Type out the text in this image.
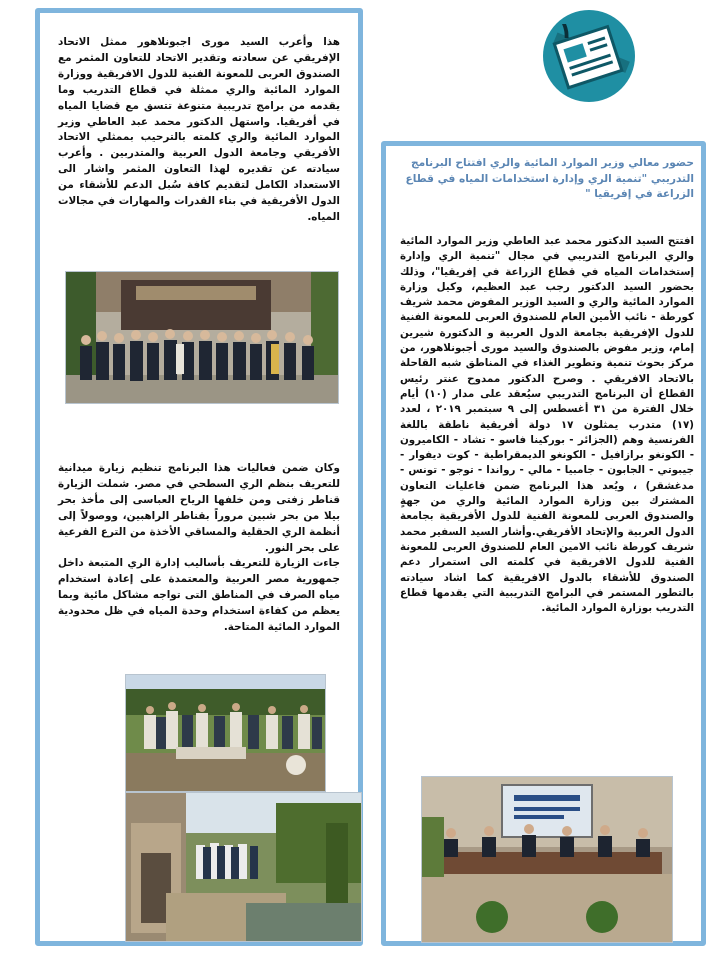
١

هذا وأعرب السيد مورى اجبونلاهور ممثل الاتحاد الإفريقي عن سعادته وتقدير الاتحاد للتعاون المثمر مع الصندوق العربى للمعونة الفنية للدول الافريقية ووزارة الموارد المائية والري ممثلة في قطاع التدريب وما يقدمه من برامج تدريبية متنوعة تتسق مع قضايا المياه في أفريقيا. واستهل الدكتور محمد عبد العاطي وزير الموارد المائية والري كلمته بالترحيب بممثلي الاتحاد الأفريقي وجامعة الدول العربية والمتدربين . وأعرب سيادته عن تقديره لهذا التعاون المثمر واشار الى الاستعداد الكامل لتقديم كافة سُبل الدعم للأشقاء من الدول الأفريقية في بناء القدرات والمهارات في مجالات المياه.

وكان ضمن فعاليات هذا البرنامج تنظيم زيارة ميدانية للتعريف بنظم الري السطحي في مصر. شملت الزيارة قناطر زفتى ومن خلفها الرياح العباسى إلى مأخذ بحر بيلا من بحر شبين مروراً بقناطر الراهبين، ووصولاً إلى أنظمة الري الحقلية والمساقي الأخذة من الترع الفرعية على بحر النور.

جاءت الزيارة للتعريف بأساليب إدارة الري المتبعة داخل جمهورية مصر العربية والمعتمدة على إعادة استخدام مياه الصرف في المناطق التى تواجه مشاكل مائية وبما يعظم من كفاءة استخدام وحدة المياه في ظل محدودية الموارد المائية المتاحة.

حضور معالي وزير الموارد المائية والري افتتاح البرنامج التدريبي "تنمية الري وإدارة استخدامات المياه في قطاع الزراعة في إفريقيا "
افتتح السيد الدكتور محمد عبد العاطي وزير الموارد المائية والري البرنامج التدريبي في مجال "تنمية الري وإدارة إستخدامات المياه في قطاع الزراعة في إفريقيا"، وذلك بحضور السيد الدكتور رجب عبد العظيم، وكيل وزارة الموارد المائية والري و السيد الوزير المفوض محمد شريف كورطة - نائب الأمين العام للصندوق العربى للمعونة الفنية للدول الإفريقية بجامعة الدول العربية و الدكتورة شيرين إمام، وزير مفوض بالصندوق والسيد مورى أجبونلاهور، من مركز بحوث تنمية وتطوير الغذاء في المناطق شبه القاحلة بالاتحاد الافريقي . وصرح الدكتور ممدوح عنتر رئيس القطاع أن البرنامج التدريبي سيُعقد على مدار (١٠) أيام خلال الفترة من ٣١ أغسطس إلى ٩ سبتمبر ٢٠١٩ ، لعدد (١٧) متدرب يمثلون ١٧ دولة أفريقية ناطقة باللغة الفرنسية وهم (الجزائر - بوركينا فاسو - تشاد - الكاميرون - الكونغو برازافيل - الكونغو الديمقراطية - كوت ديفوار - جيبوتي - الجابون - جامبيا - مالي - رواندا - توجو - تونس - مدغشقر) ، ويُعد هذا البرنامج ضمن فاعليات التعاون المشترك بين وزارة الموارد المائية والري من جهةٍ والصندوق العربى للمعونة الفنية للدول الأفريقية بجامعة الدول العربية والإتحاد الأفريقي.وأشار السيد السفير محمد شريف كورطة نائب الامين العام للصندوق العربى للمعونة الفنية للدول الافريقية في كلمته الى استمرار دعم الصندوق للأشقاء بالدول الافريقية كما اشاد سيادته بالتطور المستمر في البرامج التدريبية التي يقدمها قطاع التدريب بوزارة الموارد المائية.
